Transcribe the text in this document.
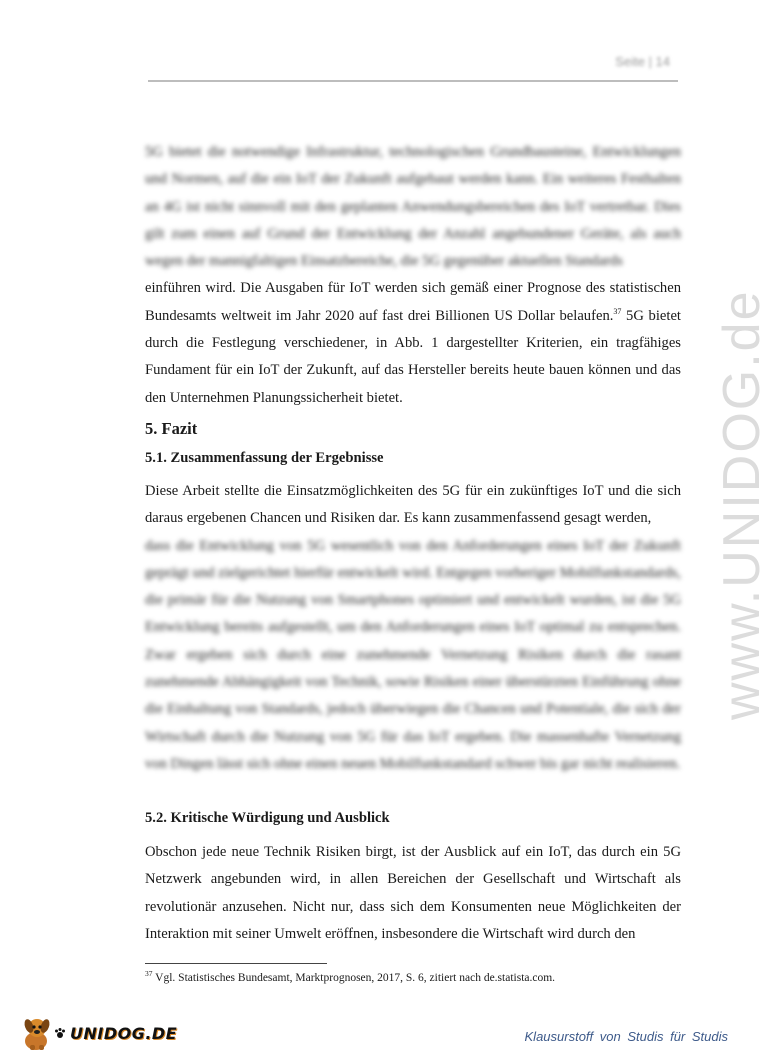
Seite | 14

5G bietet die notwendige Infrastruktur, technologischen Grundbausteine, Entwicklungen und Normen, auf die ein IoT der Zukunft aufgebaut werden kann. Ein weiteres Festhalten an 4G ist nicht sinnvoll mit den geplanten Anwendungsbereichen des IoT vertretbar. Dies gilt zum einen auf Grund der Entwicklung der Anzahl angebundener Geräte, als auch wegen der mannigfaltigen Einsatzbereiche, die 5G gegenüber aktuellen Standards

einführen wird. Die Ausgaben für IoT werden sich gemäß einer Prognose des statistischen Bundesamts weltweit im Jahr 2020 auf fast drei Billionen US Dollar belaufen.$^{37}$ 5G bietet durch die Festlegung verschiedener, in Abb. 1 dargestellter Kriterien, ein tragfähiges Fundament für ein IoT der Zukunft, auf das Hersteller bereits heute bauen können und das den Unternehmen Planungssicherheit bietet.

5. Fazit
5.1. Zusammenfassung der Ergebnisse

Diese Arbeit stellte die Einsatzmöglichkeiten des 5G für ein zukünftiges IoT und die sich daraus ergebenen Chancen und Risiken dar. Es kann zusammenfassend gesagt werden,

dass die Entwicklung von 5G wesentlich von den Anforderungen eines IoT der Zukunft geprägt und zielgerichtet hierfür entwickelt wird. Entgegen vorheriger Mobilfunkstandards, die primär für die Nutzung von Smartphones optimiert und entwickelt wurden, ist die 5G Entwicklung bereits aufgestellt, um den Anforderungen eines IoT optimal zu entsprechen. Zwar ergeben sich durch eine zunehmende Vernetzung Risiken durch die rasant zunehmende Abhängigkeit von Technik, sowie Risiken einer überstürzten Einführung ohne die Einhaltung von Standards, jedoch überwiegen die Chancen und Potentiale, die sich der Wirtschaft durch die Nutzung von 5G für das IoT ergeben. Die massenhafte Vernetzung von Dingen lässt sich ohne einen neuen Mobilfunkstandard schwer bis gar nicht realisieren.

5.2. Kritische Würdigung und Ausblick

Obschon jede neue Technik Risiken birgt, ist der Ausblick auf ein IoT, das durch ein 5G Netzwerk angebunden wird, in allen Bereichen der Gesellschaft und Wirtschaft als revolutionär anzusehen. Nicht nur, dass sich dem Konsumenten neue Möglichkeiten der Interaktion mit seiner Umwelt eröffnen, insbesondere die Wirtschaft wird durch den

$^{37}$ Vgl. Statistisches Bundesamt, Marktprognosen, 2017, S. 6, zitiert nach de.statista.com.
www.UNIDOG.de
UNIDOG.DE	Klausurstoff von Studis für Studis
